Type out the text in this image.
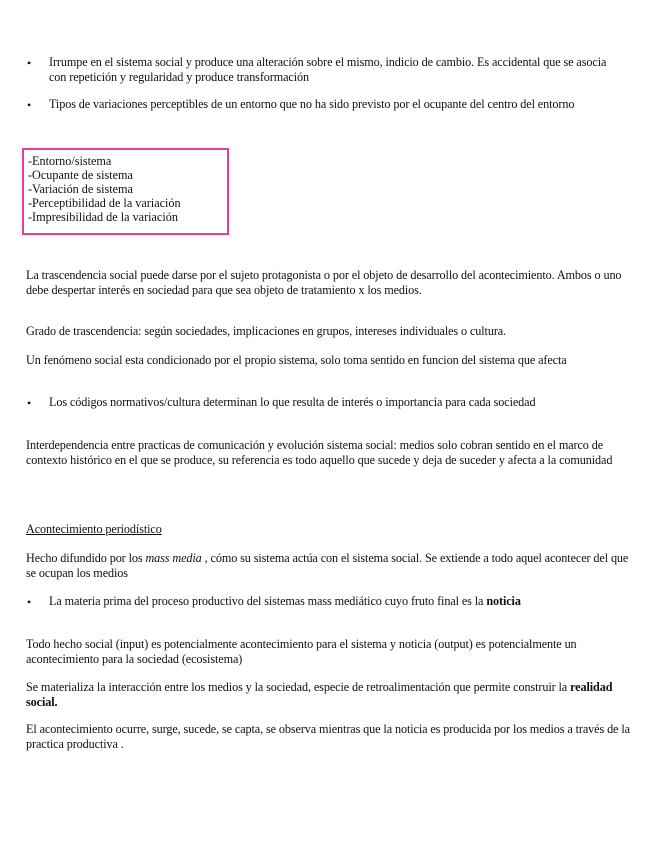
• Irrumpe en el sistema social y produce una alteración sobre el mismo, indicio de cambio. Es accidental que se asocia con repetición y regularidad y produce transformación

• Tipos de variaciones perceptibles de un entorno que no ha sido previsto por el ocupante del centro del entorno

-Entorno/sistema
-Ocupante de sistema
-Variación de sistema
-Perceptibilidad de la variación
-Impresibilidad de la variación

La trascendencia social puede darse por el sujeto protagonista o por el objeto de desarrollo del acontecimiento. Ambos o uno debe despertar interés en sociedad para que sea objeto de tratamiento x los medios.

Grado de trascendencia: según sociedades, implicaciones en grupos, intereses individuales o cultura.

Un fenómeno social esta condicionado por el propio sistema, solo toma sentido en funcion del sistema que afecta

• Los códigos normativos/cultura determinan lo que resulta de interés o importancia para cada sociedad

Interdependencia entre practicas de comunicación y evolución sistema social: medios solo cobran sentido en el marco de contexto histórico en el que se produce, su referencia es todo aquello que sucede y deja de suceder y afecta a la comunidad

Acontecimiento periodístico

Hecho difundido por los mass media , cómo su sistema actúa con el sistema social. Se extiende a todo aquel acontecer del que se ocupan los medios

• La materia prima del proceso productivo del sistemas mass mediático cuyo fruto final es la noticia

Todo hecho social (input) es potencialmente acontecimiento para el sistema y noticia (output) es potencialmente un acontecimiento para la sociedad (ecosistema)

Se materializa la interacción entre los medios y la sociedad, especie de retroalimentación que permite construir la realidad social.

El acontecimiento ocurre, surge, sucede, se capta, se observa mientras que la noticia es producida por los medios a través de la practica productiva .
